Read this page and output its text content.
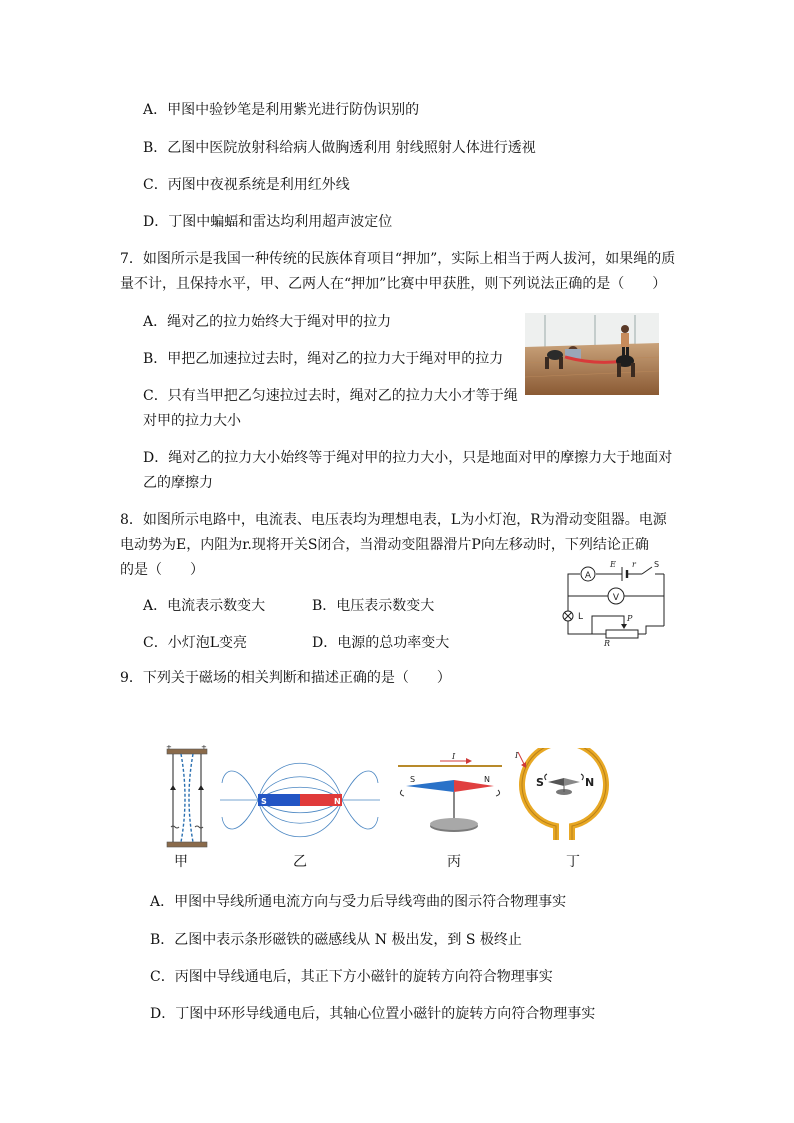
A．甲图中验钞笔是利用紫光进行防伪识别的
B．乙图中医院放射科给病人做胸透利用 射线照射人体进行透视
C．丙图中夜视系统是利用红外线
D．丁图中蝙蝠和雷达均利用超声波定位
7．如图所示是我国一种传统的民族体育项目“押加”，实际上相当于两人拔河，如果绳的质
量不计，且保持水平，甲、乙两人在“押加”比赛中甲获胜，则下列说法正确的是（　　）
A．绳对乙的拉力始终大于绳对甲的拉力
B．甲把乙加速拉过去时，绳对乙的拉力大于绳对甲的拉力
C．只有当甲把乙匀速拉过去时，绳对乙的拉力大小才等于绳
对甲的拉力大小
D．绳对乙的拉力大小始终等于绳对甲的拉力大小，只是地面对甲的摩擦力大于地面对
乙的摩擦力
8．如图所示电路中，电流表、电压表均为理想电表，L为小灯泡，R为滑动变阻器。电源
电动势为E，内阻为r.现将开关S闭合，当滑动变阻器滑片P向左移动时，下列结论正确
的是（　　）
A．电流表示数变大	B．电压表示数变大
C．小灯泡L变亮	D．电源的总功率变大
A
V
L	P
R
E r S
9．下列关于磁场的相关判断和描述正确的是（　　）
+	+
S	N
I
S	N
I
S	N
甲	乙	丙	丁
A．甲图中导线所通电流方向与受力后导线弯曲的图示符合物理事实
B．乙图中表示条形磁铁的磁感线从 N 极出发，到 S 极终止
C．丙图中导线通电后，其正下方小磁针的旋转方向符合物理事实
D．丁图中环形导线通电后，其轴心位置小磁针的旋转方向符合物理事实
